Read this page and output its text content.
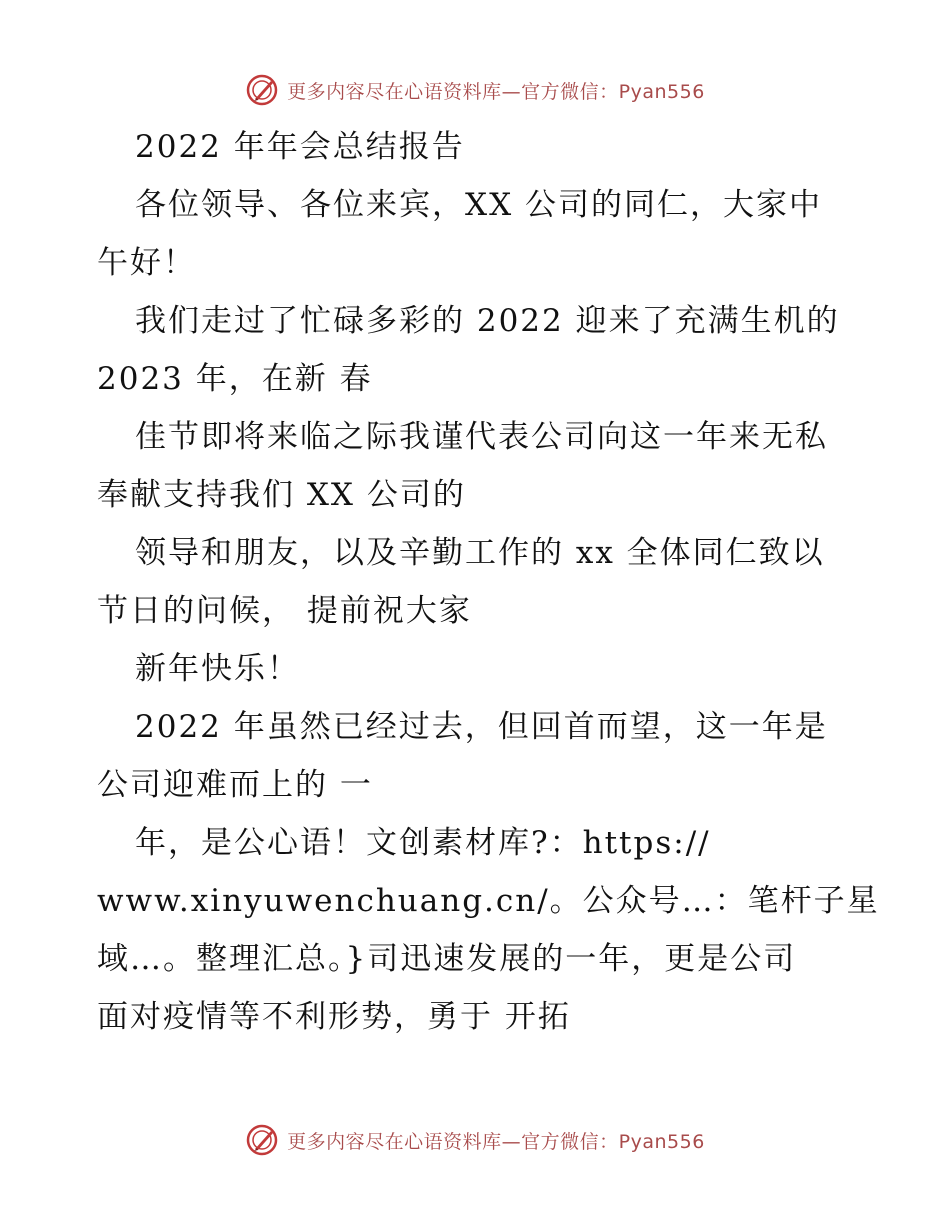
更多内容尽在心语资料库—官方微信：Pyan556
2022 年年会总结报告
各位领导、各位来宾，XX 公司的同仁，大家中
午好！
我们走过了忙碌多彩的 2022 迎来了充满生机的
2023 年，在新 春
佳节即将来临之际我谨代表公司向这一年来无私
奉献支持我们 XX 公司的
领导和朋友，以及辛勤工作的 xx 全体同仁致以
节日的问候， 提前祝大家
新年快乐！
2022 年虽然已经过去，但回首而望，这一年是
公司迎难而上的 一
年，是公心语！文创素材库?：https://
www.xinyuwenchuang.cn/。公众号…：笔杆子星
域…。整理汇总。}司迅速发展的一年，更是公司
面对疫情等不利形势，勇于 开拓
更多内容尽在心语资料库—官方微信：Pyan556
